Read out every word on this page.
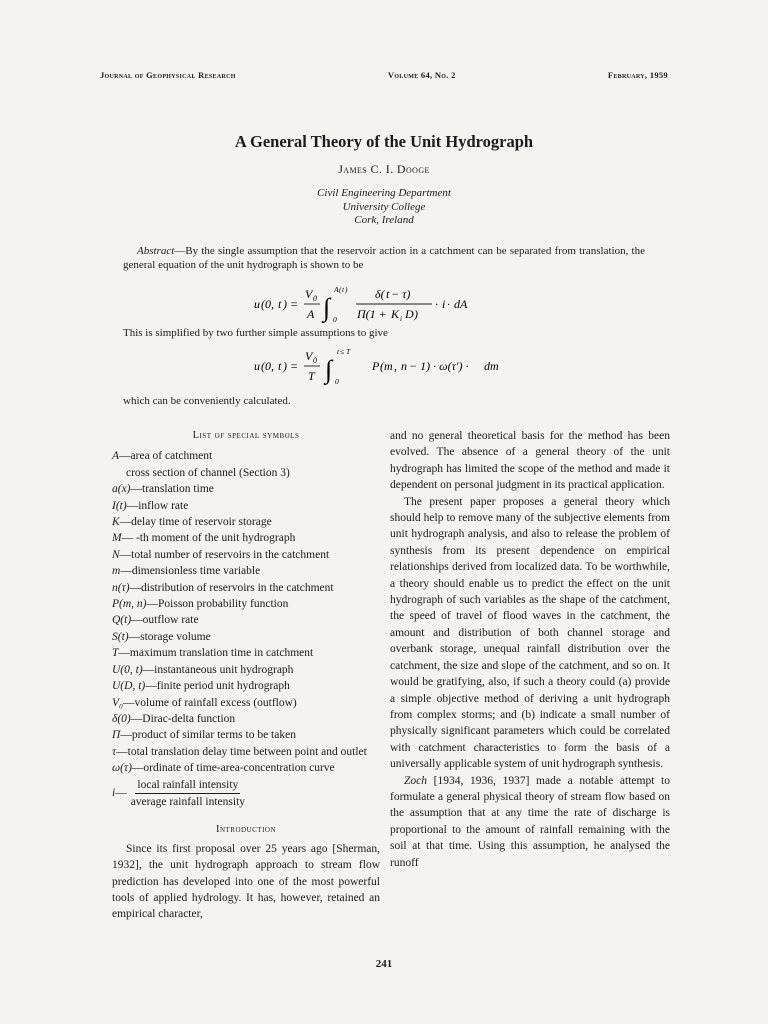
Journal of Geophysical Research	Volume 64, No. 2	February, 1959
A General Theory of the Unit Hydrograph
James C. I. Dooge
Civil Engineering Department
University College
Cork, Ireland
Abstract—By the single assumption that the reservoir action in a catchment can be separated from translation, the general equation of the unit hydrograph is shown to be
u (0, t ) =
V 0
A ∫
A ( t )
0
δ( t − τ)
Π(1 + K i D )
· i · dA
This is simplified by two further simple assumptions to give
u (0, t ) =
V 0
T ∫
t ≤ T
0
P ( m , n − 1) · ω(τ′) · dm
which can be conveniently calculated.
List of special symbols

A—area of catchment

cross section of channel (Section 3)

a(x)—translation time

I(t)—inflow rate

K—delay time of reservoir storage

M— -th moment of the unit hydrograph

N—total number of reservoirs in the catchment

m—dimensionless time variable

n(τ)—distribution of reservoirs in the catchment

P(m, n)—Poisson probability function

Q(t)—outflow rate

S(t)—storage volume

T—maximum translation time in catchment

U(0, t)—instantaneous unit hydrograph

U(D, t)—finite period unit hydrograph

V₀—volume of rainfall excess (outflow)

δ(0)—Dirac-delta function

Π—product of similar terms to be taken

τ—total translation delay time between point and outlet

ω(τ)—ordinate of time-area-concentration curve

i — $\frac{\text{local rainfall intensity}}{\text{average rainfall intensity}}$
Introduction

Since its first proposal over 25 years ago [Sherman, 1932], the unit hydrograph approach to stream flow prediction has developed into one of the most powerful tools of applied hydrology. It has, however, retained an empirical character,

and no general theoretical basis for the method has been evolved. The absence of a general theory of the unit hydrograph has limited the scope of the method and made it dependent on personal judgment in its practical application.

The present paper proposes a general theory which should help to remove many of the subjective elements from unit hydrograph analysis, and also to release the problem of synthesis from its present dependence on empirical relationships derived from localized data. To be worthwhile, a theory should enable us to predict the effect on the unit hydrograph of such variables as the shape of the catchment, the speed of travel of flood waves in the catchment, the amount and distribution of both channel storage and overbank storage, unequal rainfall distribution over the catchment, the size and slope of the catchment, and so on. It would be gratifying, also, if such a theory could (a) provide a simple objective method of deriving a unit hydrograph from complex storms; and (b) indicate a small number of physically significant parameters which could be correlated with catchment characteristics to form the basis of a universally applicable system of unit hydrograph synthesis.

Zoch [1934, 1936, 1937] made a notable attempt to formulate a general physical theory of stream flow based on the assumption that at any time the rate of discharge is proportional to the amount of rainfall remaining with the soil at that time. Using this assumption, he analysed the runoff

241
